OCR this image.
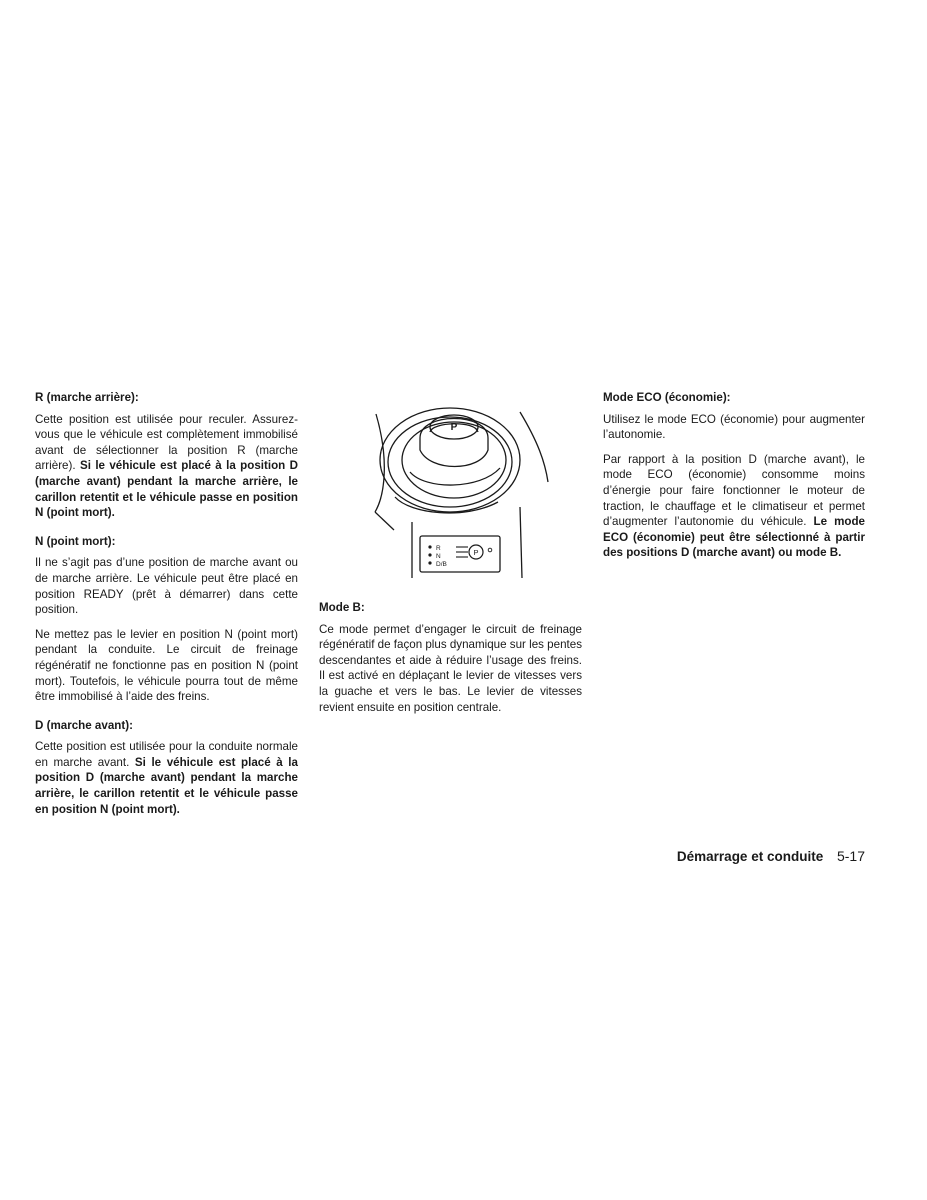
R (marche arrière):

Cette position est utilisée pour reculer. Assurez-vous que le véhicule est complètement immobilisé avant de sélectionner la position R (marche arrière). Si le véhicule est placé à la position D (marche avant) pendant la marche arrière, le carillon retentit et le véhicule passe en position N (point mort).

N (point mort):

Il ne s’agit pas d’une position de marche avant ou de marche arrière. Le véhicule peut être placé en position READY (prêt à démarrer) dans cette position.

Ne mettez pas le levier en position N (point mort) pendant la conduite. Le circuit de freinage régénératif ne fonctionne pas en position N (point mort). Toutefois, le véhicule pourra tout de même être immobilisé à l’aide des freins.

D (marche avant):

Cette position est utilisée pour la conduite normale en marche avant. Si le véhicule est placé à la position D (marche avant) pendant la marche arrière, le carillon retentit et le véhicule passe en position N (point mort).

P
R
N
D/B
P
Mode B:

Ce mode permet d’engager le circuit de freinage régénératif de façon plus dynamique sur les pentes descendantes et aide à réduire l’usage des freins. Il est activé en déplaçant le levier de vitesses vers la guache et vers le bas. Le levier de vitesses revient ensuite en position centrale.

Mode ECO (économie):

Utilisez le mode ECO (économie) pour augmenter l’autonomie.

Par rapport à la position D (marche avant), le mode ECO (économie) consomme moins d’énergie pour faire fonctionner le moteur de traction, le chauffage et le climatiseur et permet d’augmenter l’autonomie du véhicule. Le mode ECO (économie) peut être sélectionné à partir des positions D (marche avant) ou mode B.

Démarrage et conduite 5-17
